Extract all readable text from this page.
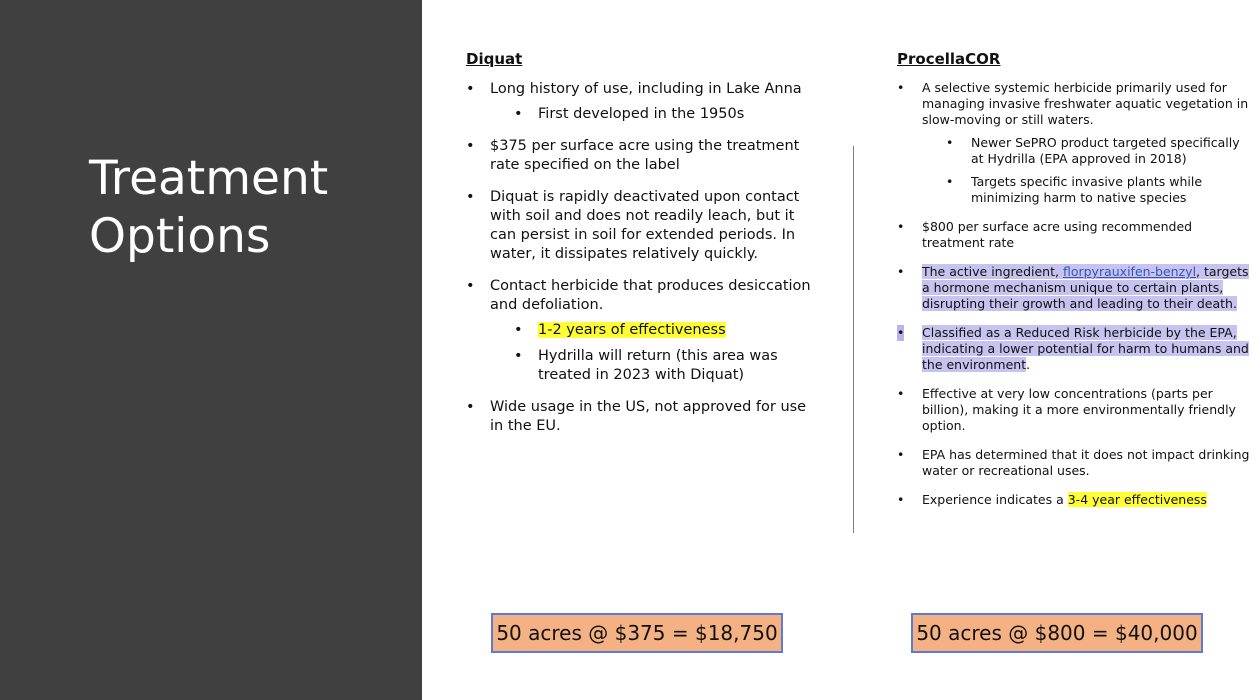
Treatment
Options
Diquat
• Long history of use, including in Lake Anna
• First developed in the 1950s
• $375 per surface acre using the treatment rate specified on the label
• Diquat is rapidly deactivated upon contact with soil and does not readily leach, but it can persist in soil for extended periods. In water, it dissipates relatively quickly.
• Contact herbicide that produces desiccation and defoliation.
• 1-2 years of effectiveness
• Hydrilla will return (this area was treated in 2023 with Diquat)
• Wide usage in the US, not approved for use in the EU.
ProcellaCOR
• A selective systemic herbicide primarily used for managing invasive freshwater aquatic vegetation in slow-moving or still waters.
• Newer SePRO product targeted specifically at Hydrilla (EPA approved in 2018)
• Targets specific invasive plants while minimizing harm to native species
• $800 per surface acre using recommended treatment rate
• The active ingredient, florpyrauxifen-benzyl, targets a hormone mechanism unique to certain plants, disrupting their growth and leading to their death.
• Classified as a Reduced Risk herbicide by the EPA, indicating a lower potential for harm to humans and the environment.
• Effective at very low concentrations (parts per billion), making it a more environmentally friendly option.
• EPA has determined that it does not impact drinking water or recreational uses.
• Experience indicates a 3-4 year effectiveness
50 acres @ $375 = $18,750	50 acres @ $800 = $40,000
